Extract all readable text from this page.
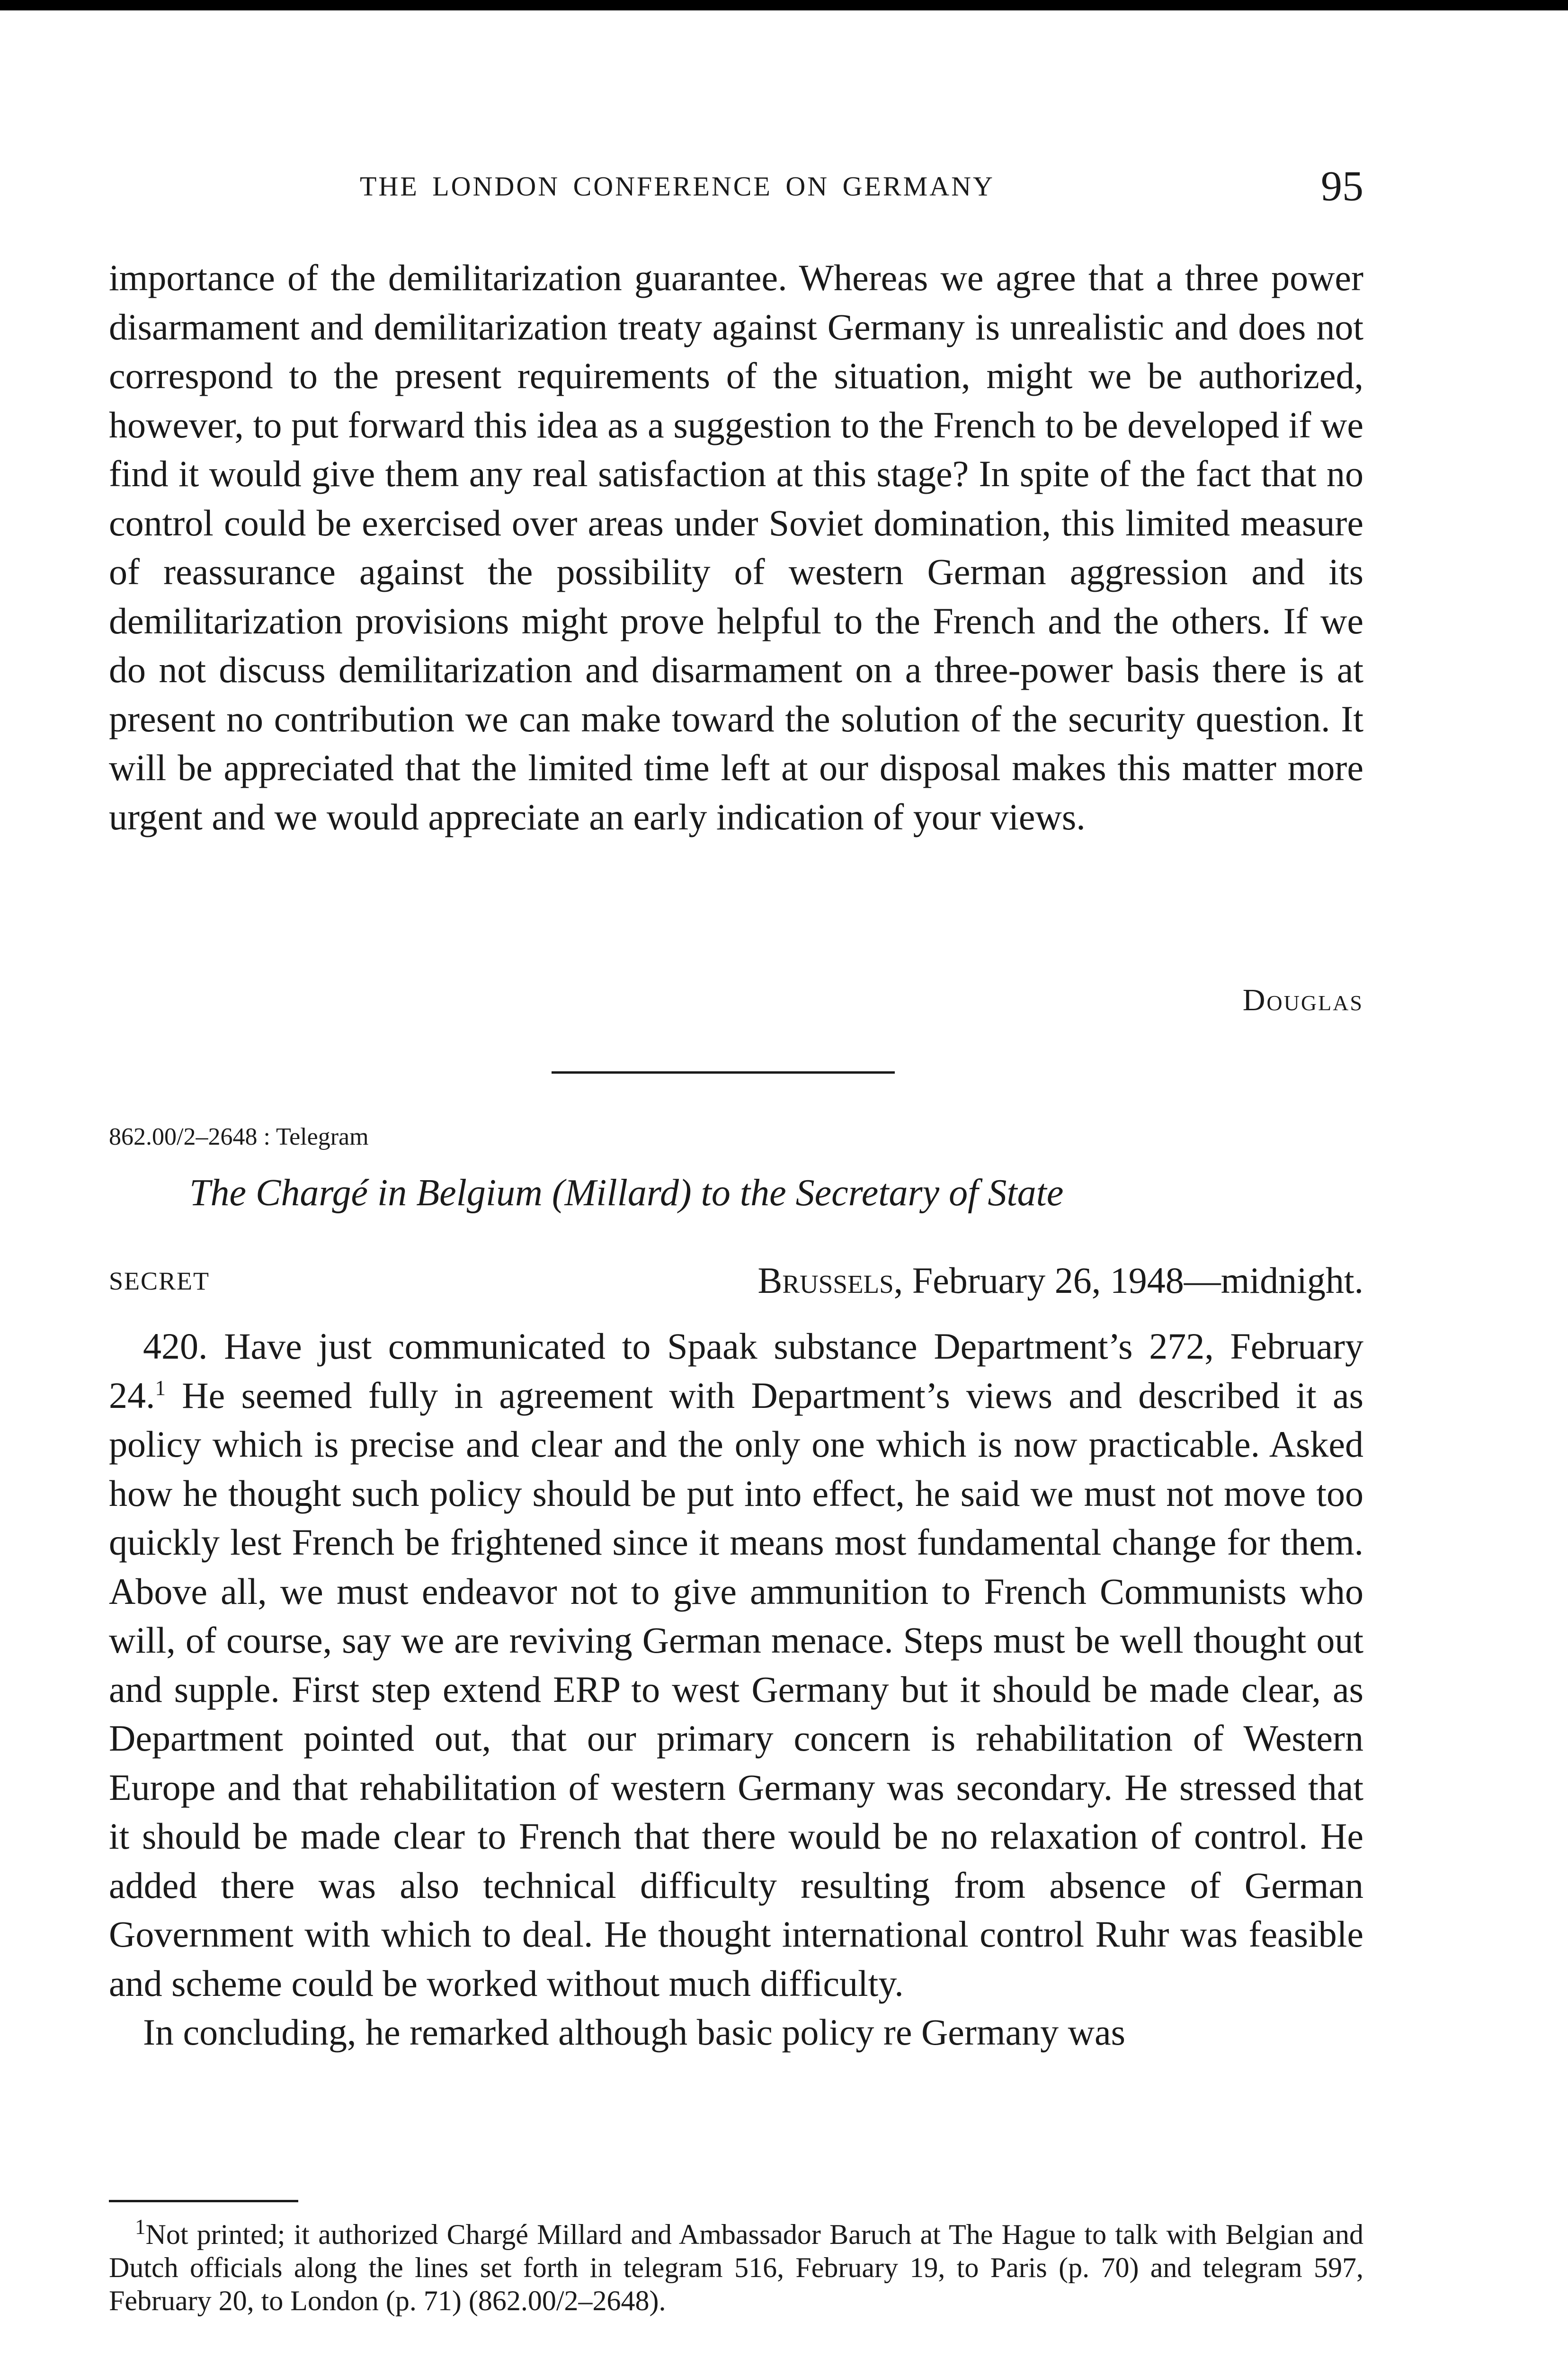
THE LONDON CONFERENCE ON GERMANY	95

importance of the demilitarization guarantee. Whereas we agree that a three power disarmament and demilitarization treaty against Germany is unrealistic and does not correspond to the present requirements of the situation, might we be authorized, however, to put forward this idea as a suggestion to the French to be developed if we find it would give them any real satisfaction at this stage? In spite of the fact that no control could be exercised over areas under Soviet domination, this limited measure of reassurance against the possibility of western German aggression and its demilitarization provisions might prove helpful to the French and the others. If we do not discuss demilitarization and disarmament on a three-power basis there is at present no contribution we can make toward the solution of the security question. It will be appreciated that the limited time left at our disposal makes this matter more urgent and we would appreciate an early indication of your views.

Douglas
862.00/2–2648 : Telegram
The Chargé in Belgium (Millard) to the Secretary of State
SECRET	Brussels, February 26, 1948—midnight.

420. Have just communicated to Spaak substance Department’s 272, February 24.$^1$ He seemed fully in agreement with Department’s views and described it as policy which is precise and clear and the only one which is now practicable. Asked how he thought such policy should be put into effect, he said we must not move too quickly lest French be frightened since it means most fundamental change for them. Above all, we must endeavor not to give ammunition to French Communists who will, of course, say we are reviving German menace. Steps must be well thought out and supple. First step extend ERP to west Germany but it should be made clear, as Department pointed out, that our primary concern is rehabilitation of Western Europe and that rehabilitation of western Germany was secondary. He stressed that it should be made clear to French that there would be no relaxation of control. He added there was also technical difficulty resulting from absence of German Government with which to deal. He thought international control Ruhr was feasible and scheme could be worked without much difficulty.

In concluding, he remarked although basic policy re Germany was

$^1$Not printed; it authorized Chargé Millard and Ambassador Baruch at The Hague to talk with Belgian and Dutch officials along the lines set forth in telegram 516, February 19, to Paris (p. 70) and telegram 597, February 20, to London (p. 71) (862.00/2–2648).
